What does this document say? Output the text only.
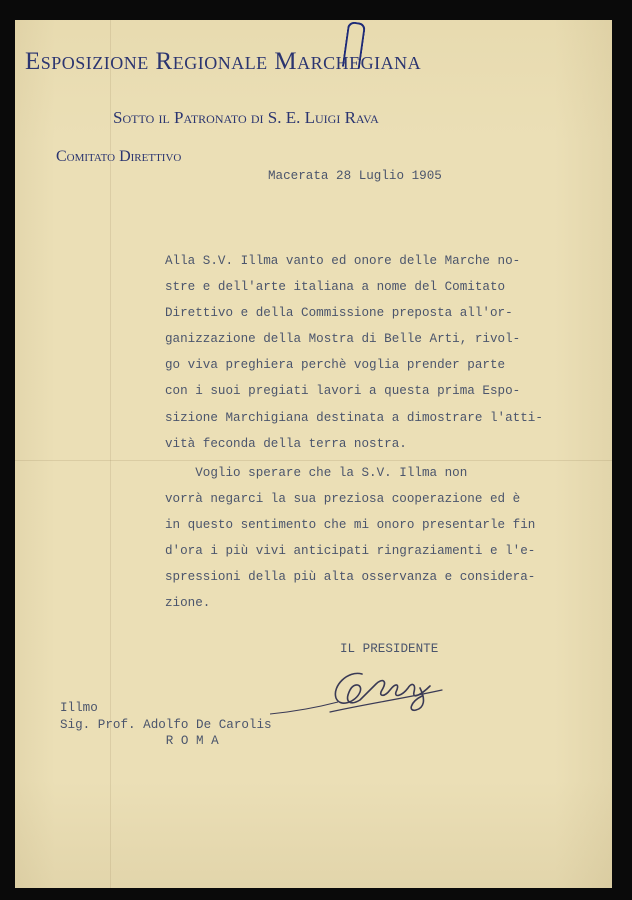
Esposizione Regionale Marchegiana
Sotto il Patronato di S. E. Luigi Rava
Comitato Direttivo
Macerata 28 Luglio 1905
Alla S.V. Illma vanto ed onore delle Marche no-
stre e dell'arte italiana a nome del Comitato
Direttivo e della Commissione preposta all'or-
ganizzazione della Mostra di Belle Arti, rivol-
go viva preghiera perchè voglia prender parte
con i suoi pregiati lavori a questa prima Espo-
sizione Marchigiana destinata a dimostrare l'atti-
vità feconda della terra nostra.
Voglio sperare che la S.V. Illma non
vorrà negarci la sua preziosa cooperazione ed è
in questo sentimento che mi onoro presentarle fin
d'ora i più vivi anticipati ringraziamenti e l'e-
spressioni della più alta osservanza e considera-
zione.
IL PRESIDENTE
Illmo
Sig. Prof. Adolfo De Carolis
R O M A
